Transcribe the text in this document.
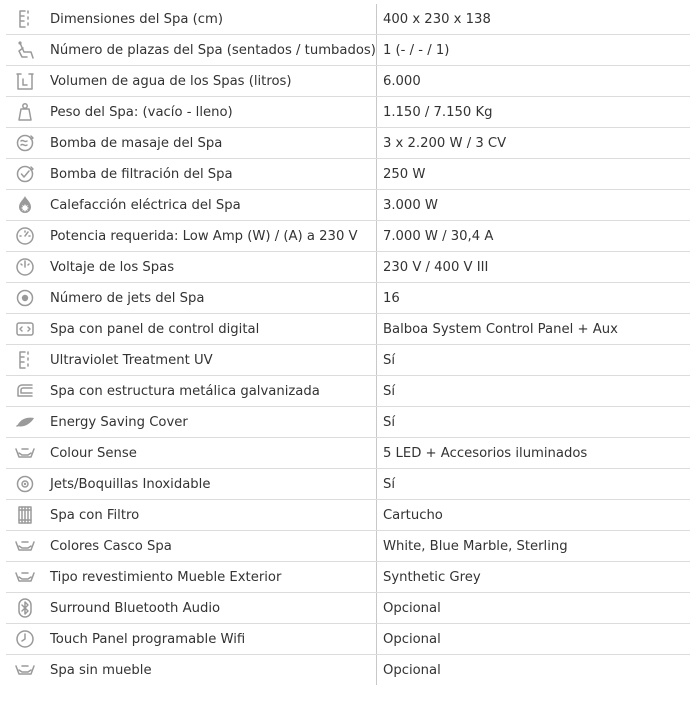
	Dimensiones del Spa (cm)	400 x 230 x 138

	Número de plazas del Spa (sentados / tumbados)	1 (- / - / 1)

	Volumen de agua de los Spas (litros)	6.000

	Peso del Spa: (vacío - lleno)	1.150 / 7.150 Kg

	Bomba de masaje del Spa	3 x 2.200 W / 3 CV

	Bomba de filtración del Spa	250 W

	Calefacción eléctrica del Spa	3.000 W

	Potencia requerida: Low Amp (W) / (A) a 230 V	7.000 W / 30,4 A

	Voltaje de los Spas	230 V / 400 V III

	Número de jets del Spa	16

	Spa con panel de control digital	Balboa System Control Panel + Aux

	Ultraviolet Treatment UV	Sí

	Spa con estructura metálica galvanizada	Sí

	Energy Saving Cover	Sí

	Colour Sense	5 LED + Accesorios iluminados

	Jets/Boquillas Inoxidable	Sí

	Spa con Filtro	Cartucho

	Colores Casco Spa	White, Blue Marble, Sterling

	Tipo revestimiento Mueble Exterior	Synthetic Grey

	Surround Bluetooth Audio	Opcional

	Touch Panel programable Wifi	Opcional

	Spa sin mueble	Opcional
